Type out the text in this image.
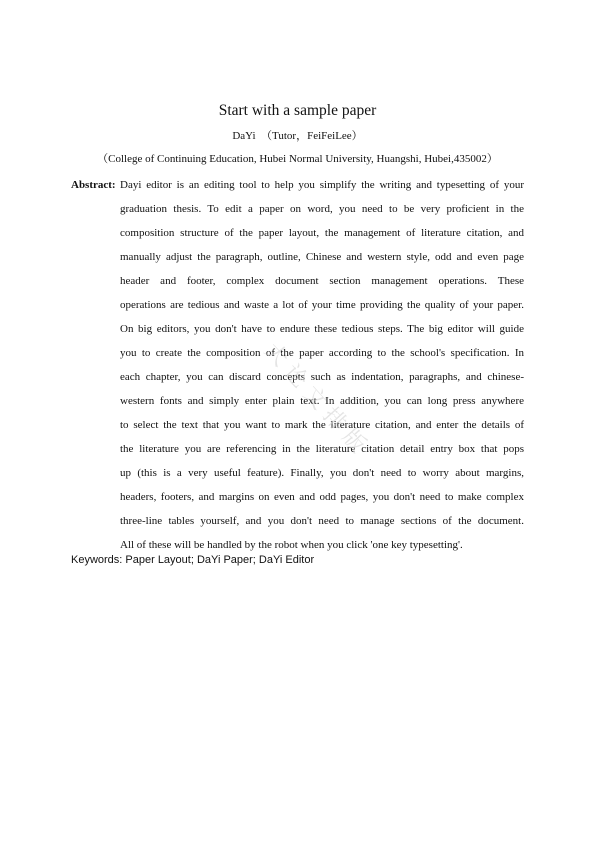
Start with a sample paper
DaYi  （Tutor，FeiFeiLee）
（College of Continuing Education, Hubei Normal University, Huangshi, Hubei,435002）
Abstract: Dayi editor is an editing tool to help you simplify the writing and typesetting of your
graduation thesis. To edit a paper on word, you need to be very proficient in the
composition structure of the paper layout, the management of literature citation, and
manually adjust the paragraph, outline, Chinese and western style, odd and even page
header and footer, complex document section management operations. These
operations are tedious and waste a lot of your time providing the quality of your paper.
On big editors, you don't have to endure these tedious steps. The big editor will guide
you to create the composition of the paper according to the school's specification. In
each chapter, you can discard concepts such as indentation, paragraphs, and chinese-
western fonts and simply enter plain text. In addition, you can long press anywhere
to select the text that you want to mark the literature citation, and enter the details of
the literature you are referencing in the literature citation detail entry box that pops
up (this is a very useful feature). Finally, you don't need to worry about margins,
headers, footers, and margins on even and odd pages, you don't need to make complex
three-line tables yourself, and you don't need to manage sections of the document.
All of these will be handled by the robot when you click 'one key typesetting'.
Keywords: Paper Layout; DaYi Paper; DaYi Editor
大 论 文 排 版
